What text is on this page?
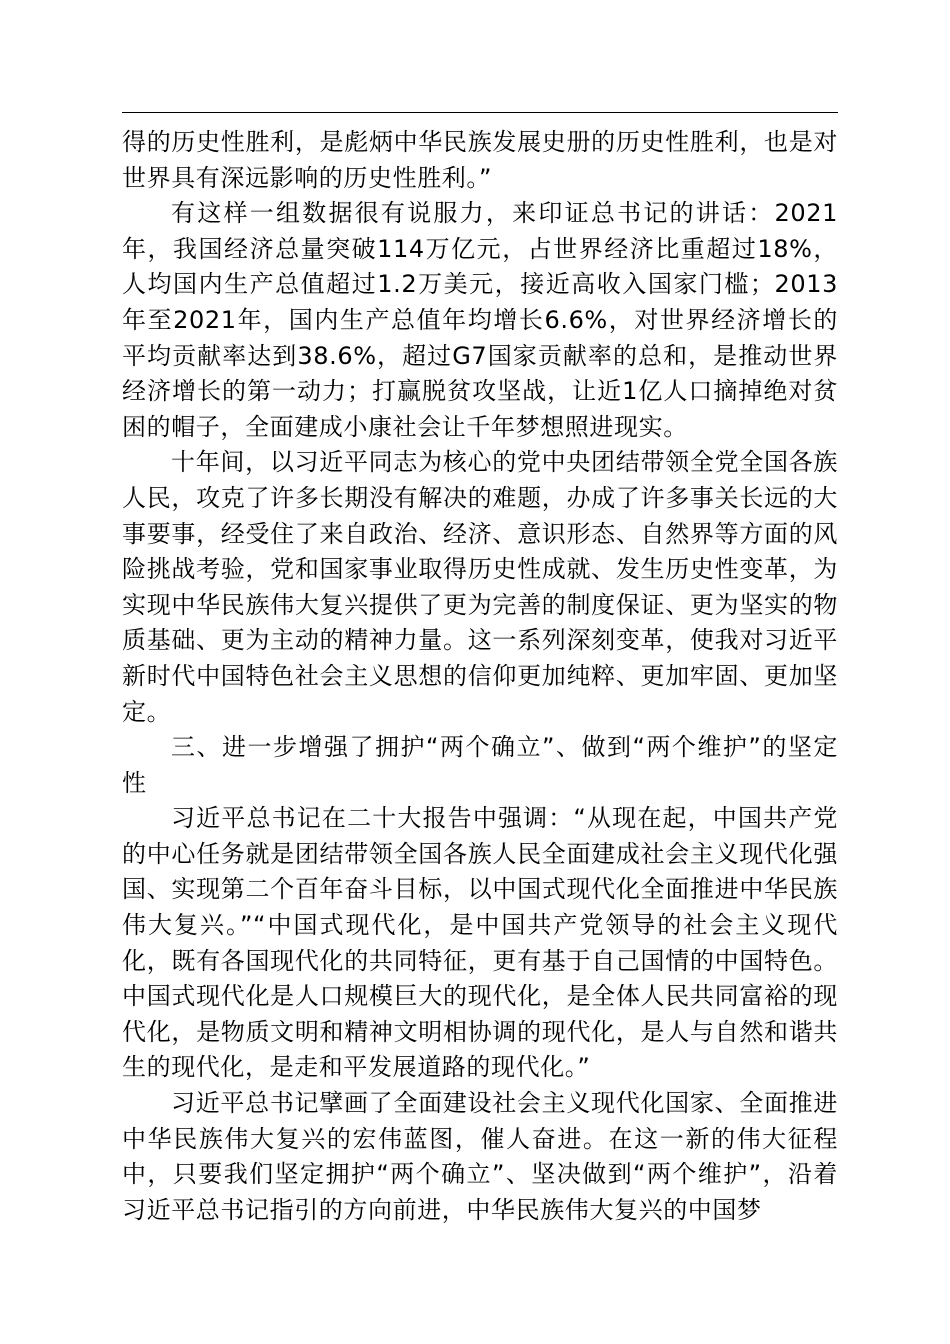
得的历史性胜利，是彪炳中华民族发展史册的历史性胜利，也是对世界具有深远影响的历史性胜利。”

有这样一组数据很有说服力，来印证总书记的讲话：2021年，我国经济总量突破114万亿元，占世界经济比重超过18%，人均国内生产总值超过1.2万美元，接近高收入国家门槛；2013年至2021年，国内生产总值年均增长6.6%，对世界经济增长的平均贡献率达到38.6%，超过G7国家贡献率的总和，是推动世界经济增长的第一动力；打赢脱贫攻坚战，让近1亿人口摘掉绝对贫困的帽子，全面建成小康社会让千年梦想照进现实。

十年间，以习近平同志为核心的党中央团结带领全党全国各族人民，攻克了许多长期没有解决的难题，办成了许多事关长远的大事要事，经受住了来自政治、经济、意识形态、自然界等方面的风险挑战考验，党和国家事业取得历史性成就、发生历史性变革，为实现中华民族伟大复兴提供了更为完善的制度保证、更为坚实的物质基础、更为主动的精神力量。这一系列深刻变革，使我对习近平新时代中国特色社会主义思想的信仰更加纯粹、更加牢固、更加坚定。

三、进一步增强了拥护“两个确立”、做到“两个维护”的坚定性

习近平总书记在二十大报告中强调：“从现在起，中国共产党的中心任务就是团结带领全国各族人民全面建成社会主义现代化强国、实现第二个百年奋斗目标，以中国式现代化全面推进中华民族伟大复兴。”“中国式现代化，是中国共产党领导的社会主义现代化，既有各国现代化的共同特征，更有基于自己国情的中国特色。中国式现代化是人口规模巨大的现代化，是全体人民共同富裕的现代化，是物质文明和精神文明相协调的现代化，是人与自然和谐共生的现代化，是走和平发展道路的现代化。”

习近平总书记擘画了全面建设社会主义现代化国家、全面推进中华民族伟大复兴的宏伟蓝图，催人奋进。在这一新的伟大征程中，只要我们坚定拥护“两个确立”、坚决做到“两个维护”，沿着习近平总书记指引的方向前进，中华民族伟大复兴的中国梦
